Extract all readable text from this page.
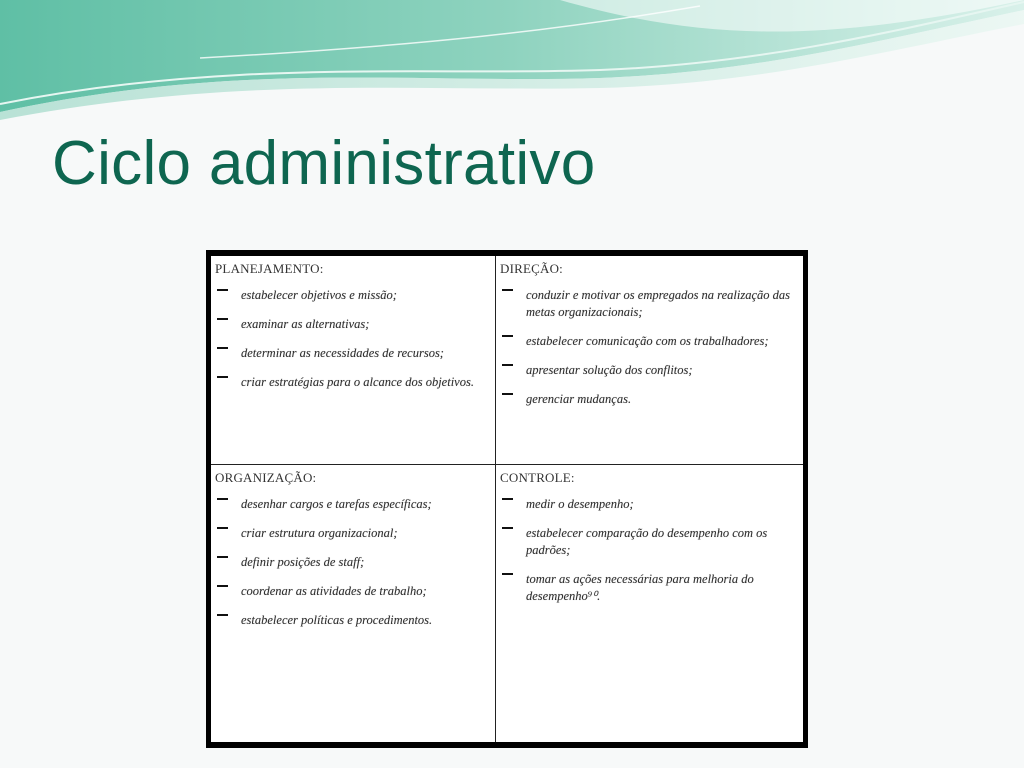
Ciclo administrativo
PLANEJAMENTO:
estabelecer objetivos e missão;
examinar as alternativas;
determinar as necessidades de recursos;
criar estratégias para o alcance dos objetivos.
DIREÇÃO:
conduzir e motivar os empregados na realização das metas organizacionais;
estabelecer comunicação com os trabalhadores;
apresentar solução dos conflitos;
gerenciar mudanças.
ORGANIZAÇÃO:
desenhar cargos e tarefas específicas;
criar estrutura organizacional;
definir posições de staff;
coordenar as atividades de trabalho;
estabelecer políticas e procedimentos.
CONTROLE:
medir o desempenho;
estabelecer comparação do desempenho com os padrões;
tomar as ações necessárias para melhoria do desempenho⁹⁰.
